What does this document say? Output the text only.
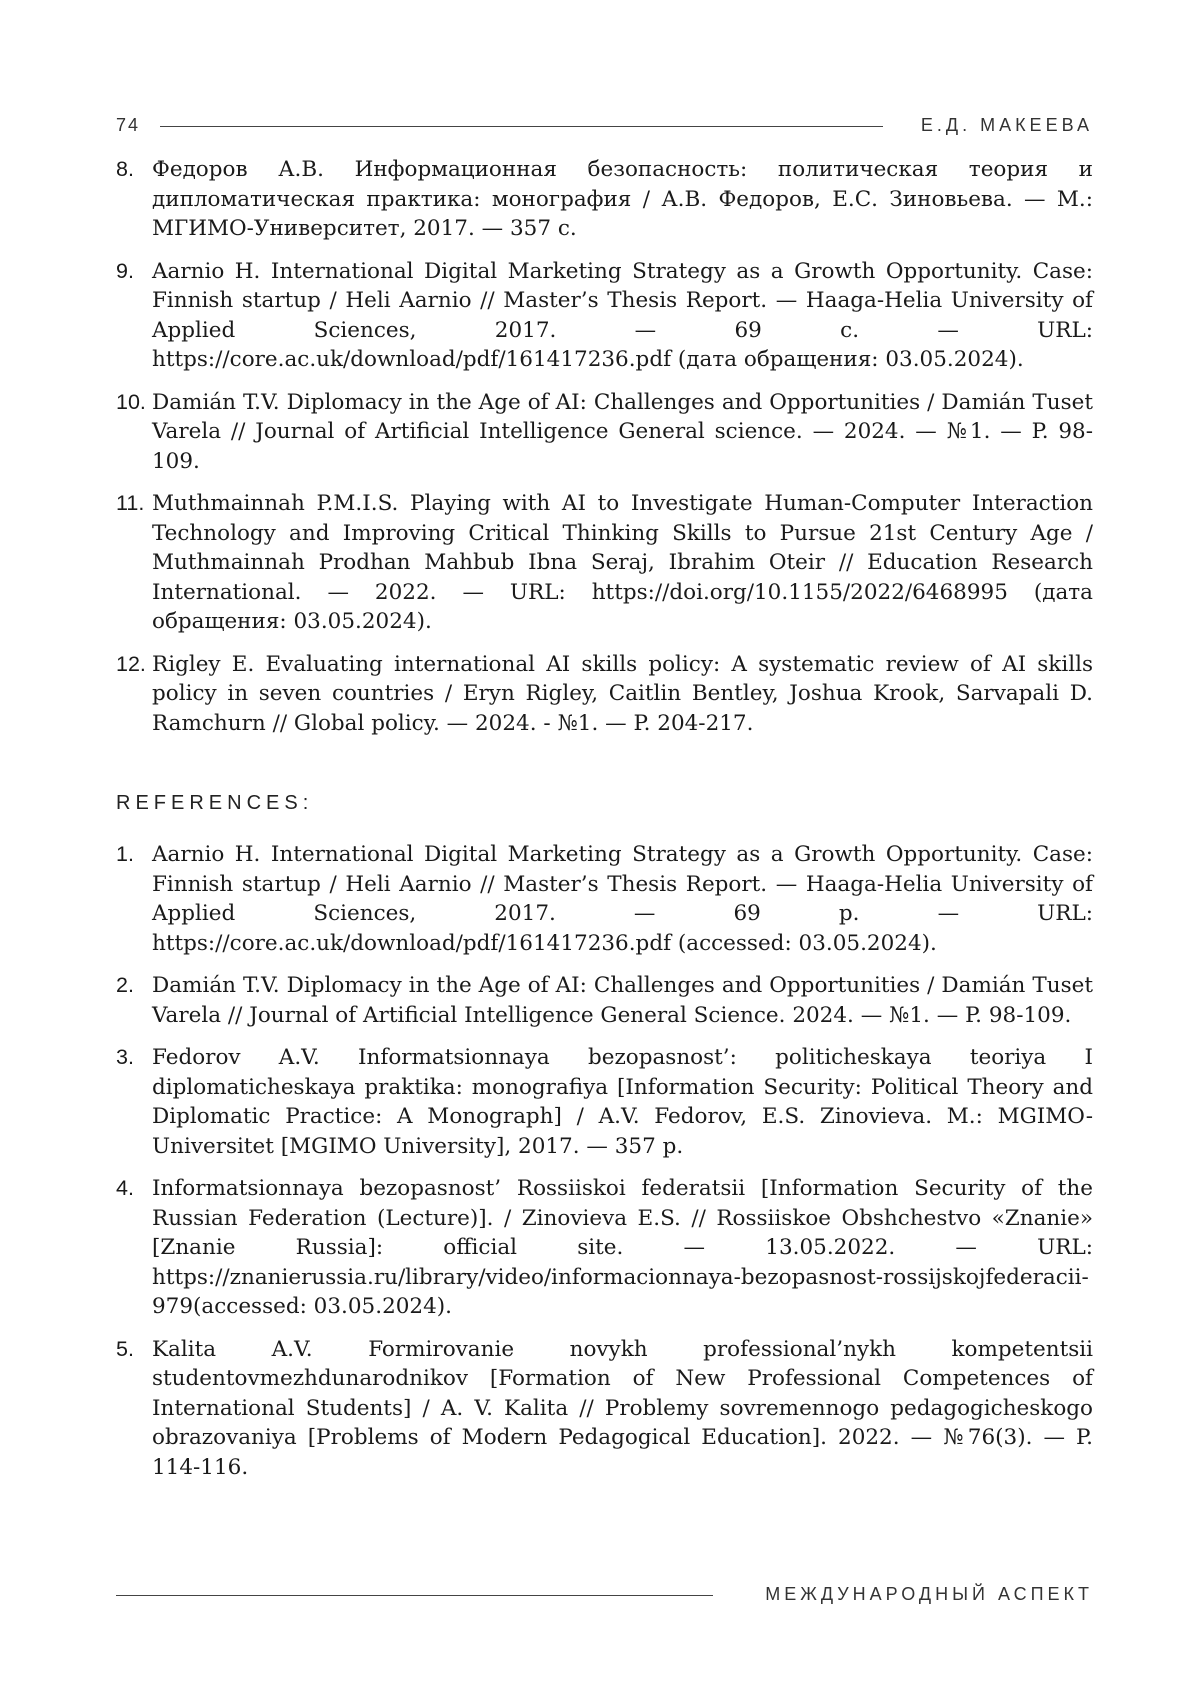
74	Е.Д. МАКЕЕВА
8. Федоров А.В. Информационная безопасность: политическая теория и дипломатическая практика: монография / А.В. Федоров, Е.С. Зиновьева. — М.: МГИМО-Университет, 2017. — 357 с.
9. Aarnio H. International Digital Marketing Strategy as a Growth Opportunity. Case: Finnish startup / Heli Aarnio // Master’s Thesis Report. — Haaga-Helia University of Applied Sciences, 2017. — 69 с. — URL: https://core.ac.uk/download/pdf/161417236.pdf (дата обращения: 03.05.2024).
10. Damián T.V. Diplomacy in the Age of AI: Challenges and Opportunities / Damián Tuset Varela // Journal of Artificial Intelligence General science. — 2024. — №1. — P. 98-109.
11. Muthmainnah P.M.I.S. Playing with AI to Investigate Human-Computer Interaction Technology and Improving Critical Thinking Skills to Pursue 21st Century Age / Muthmainnah Prodhan Mahbub Ibna Seraj, Ibrahim Oteir // Education Research International. — 2022. — URL: https://doi.org/10.1155/2022/6468995 (дата обращения: 03.05.2024).
12. Rigley E. Evaluating international AI skills policy: A systematic review of AI skills policy in seven countries / Eryn Rigley, Caitlin Bentley, Joshua Krook, Sarvapali D. Ramchurn // Global policy. — 2024. - №1. — P. 204-217.
REFERENCES:
1. Aarnio H. International Digital Marketing Strategy as a Growth Opportunity. Case: Finnish startup / Heli Aarnio // Master’s Thesis Report. — Haaga-Helia University of Applied Sciences, 2017. — 69 p. — URL: https://core.ac.uk/download/pdf/161417236.pdf (accessed: 03.05.2024).
2. Damián T.V. Diplomacy in the Age of AI: Challenges and Opportunities / Damián Tuset Varela // Journal of Artificial Intelligence General Science. 2024. — №1. — P. 98-109.
3. Fedorov A.V. Informatsionnaya bezopasnost’: politicheskaya teoriya I diplomaticheskaya praktika: monografiya [Information Security: Political Theory and Diplomatic Practice: A Monograph] / A.V. Fedorov, E.S. Zinovieva. M.: MGIMO-Universitet [MGIMO University], 2017. — 357 p.
4. Informatsionnaya bezopasnost’ Rossiiskoi federatsii [Information Security of the Russian Federation (Lecture)]. / Zinovieva E.S. // Rossiiskoe Obshchestvo «Znanie» [Znanie Russia]: official site. — 13.05.2022. — URL: https://znanierussia.ru/library/video/informacionnaya-bezopasnost-rossijskojfederacii-979(accessed: 03.05.2024).
5. Kalita A.V. Formirovanie novykh professional’nykh kompetentsii studentovmezhdunarodnikov [Formation of New Professional Competences of International Students] / A. V. Kalita // Problemy sovremennogo pedagogicheskogo obrazovaniya [Problems of Modern Pedagogical Education]. 2022. — №76(3). — P. 114-116.
МЕЖДУНАРОДНЫЙ АСПЕКТ
